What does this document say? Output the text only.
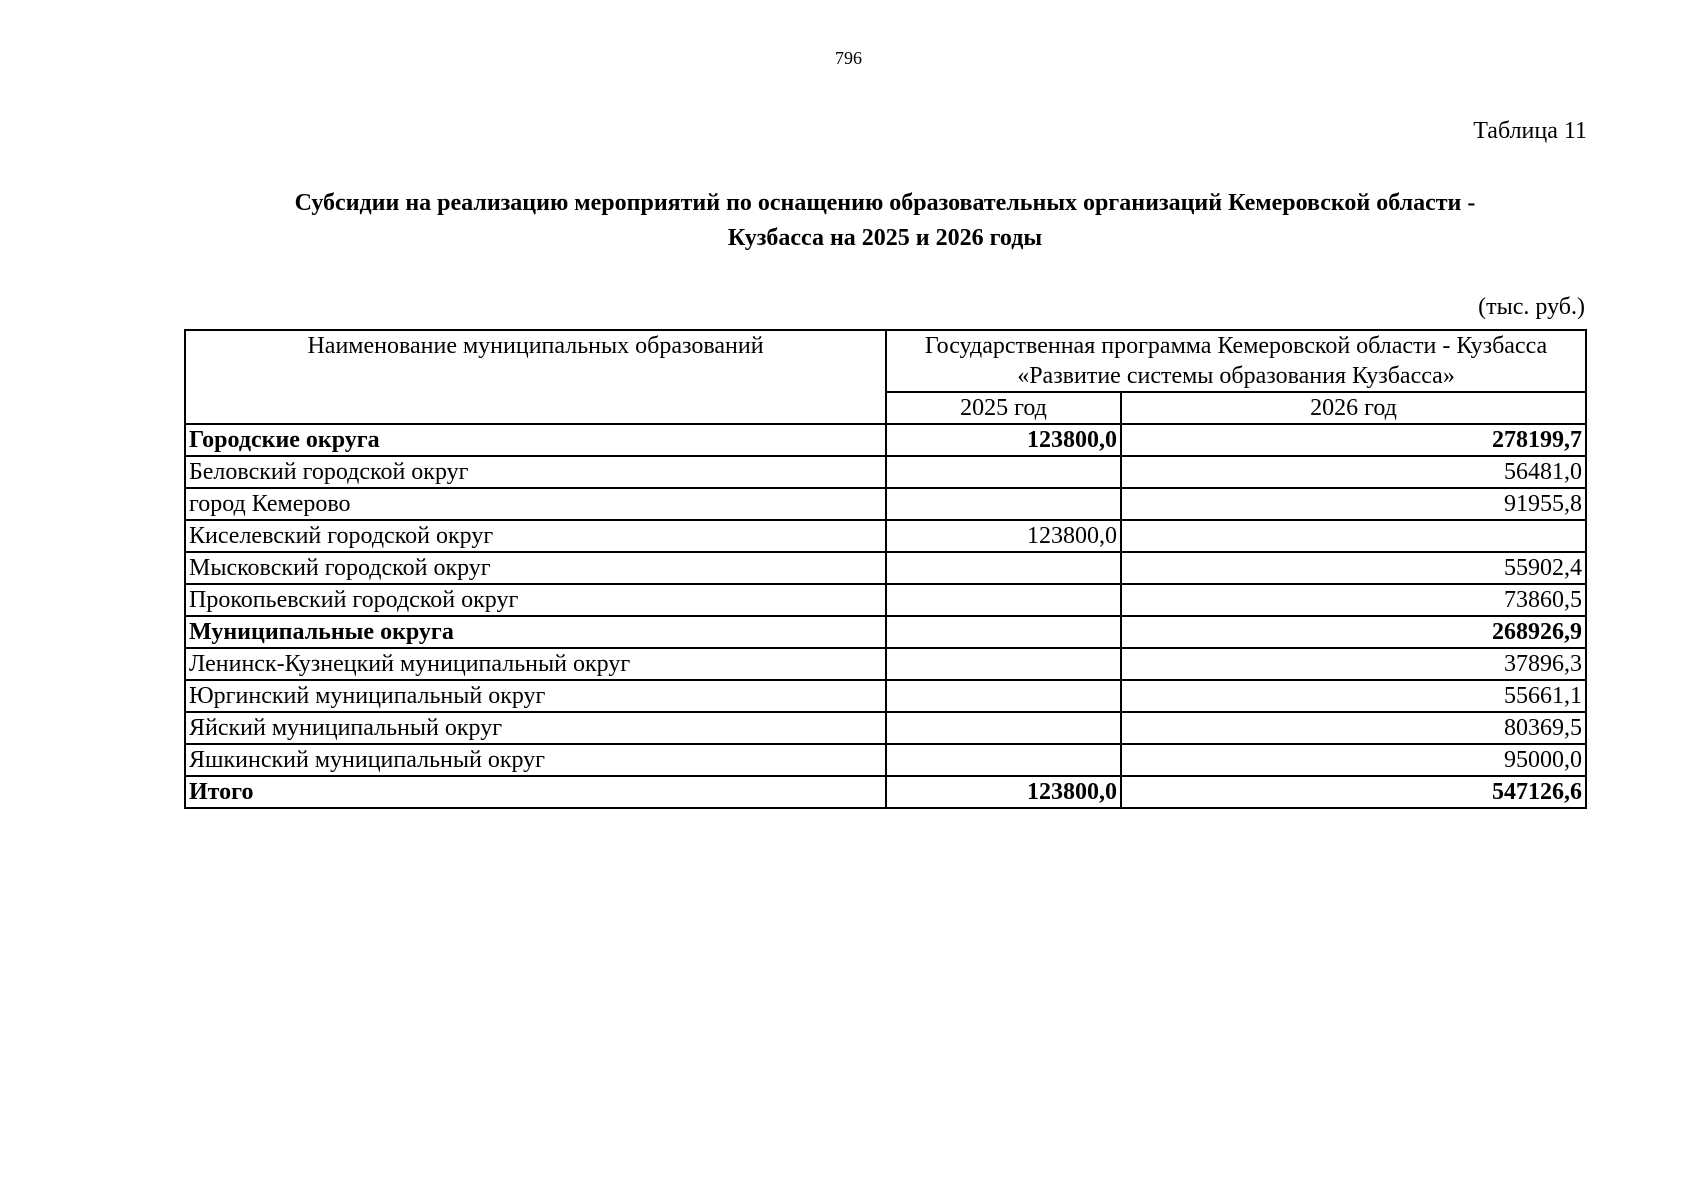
796
Таблица 11
Субсидии на реализацию мероприятий по оснащению образовательных организаций Кемеровской области -
Кузбасса на 2025 и 2026 годы
(тыс. руб.)
Наименование муниципальных образований	Государственная программа Кемеровской области - Кузбасса
«Развитие системы образования Кузбасса»	

	2025 год	2026 год
Городские округа	123800,0	278199,7
Беловский городской округ		56481,0
город Кемерово		91955,8
Киселевский городской округ	123800,0	
Мысковский городской округ		55902,4
Прокопьевский городской округ		73860,5
Муниципальные округа		268926,9
Ленинск-Кузнецкий муниципальный округ		37896,3
Юргинский муниципальный округ		55661,1
Яйский муниципальный округ		80369,5
Яшкинский муниципальный округ		95000,0
Итого	123800,0	547126,6
